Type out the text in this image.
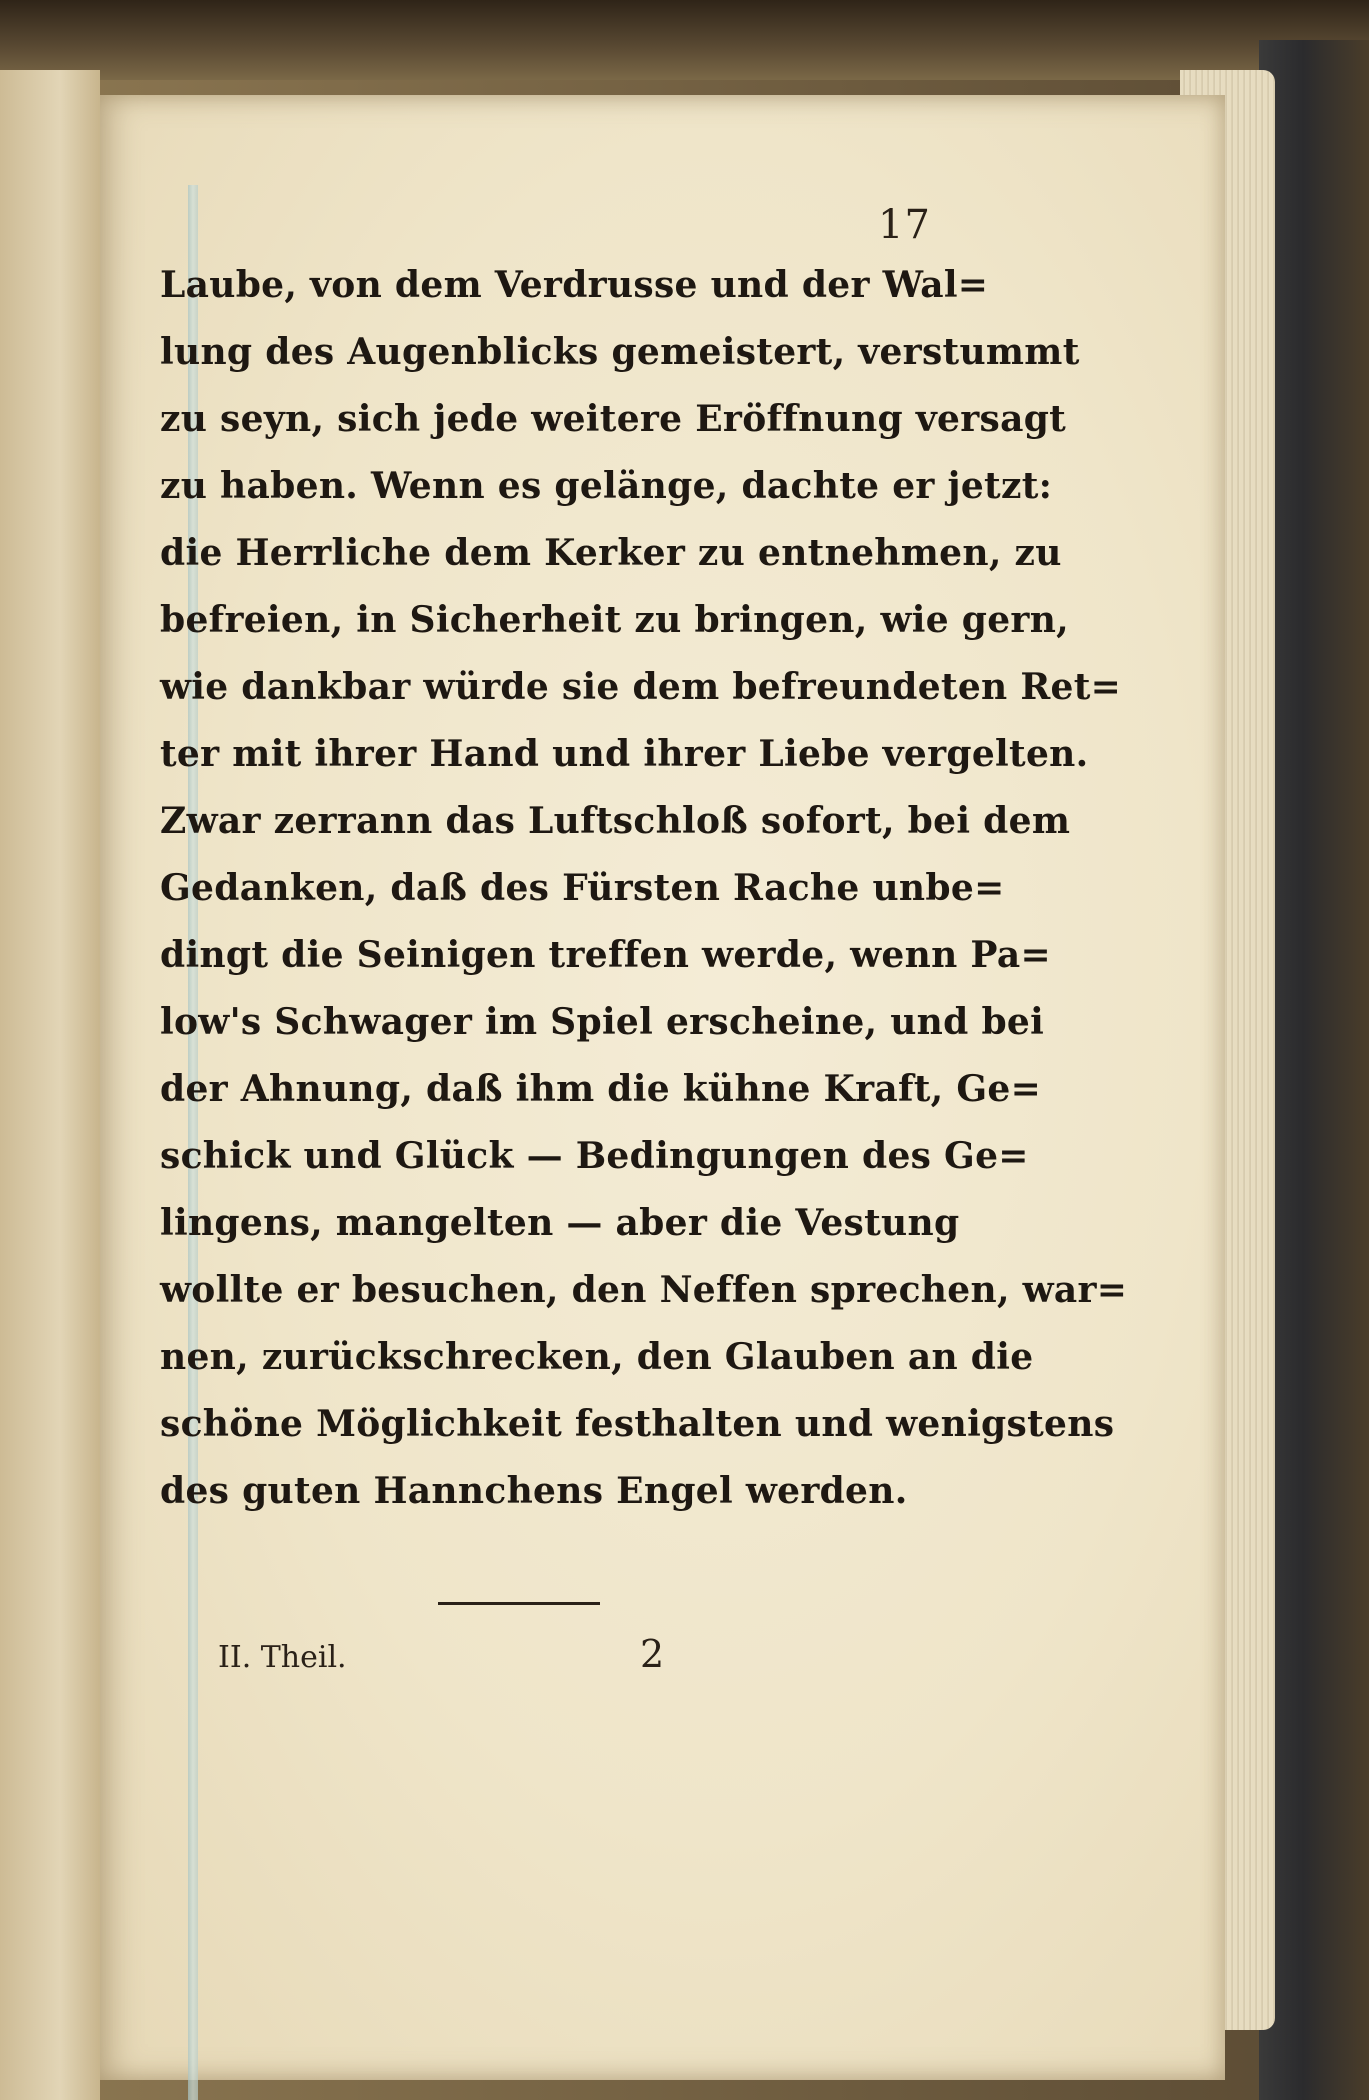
17
Laube, von dem Verdrusse und der Wal=
lung des Augenblicks gemeistert, verstummt
zu seyn, sich jede weitere Eröffnung versagt
zu haben. Wenn es gelänge, dachte er jetzt:
die Herrliche dem Kerker zu entnehmen, zu
befreien, in Sicherheit zu bringen, wie gern,
wie dankbar würde sie dem befreundeten Ret=
ter mit ihrer Hand und ihrer Liebe vergelten.
Zwar zerrann das Luftschloß sofort, bei dem
Gedanken, daß des Fürsten Rache unbe=
dingt die Seinigen treffen werde, wenn Pa=
low's Schwager im Spiel erscheine, und bei
der Ahnung, daß ihm die kühne Kraft, Ge=
schick und Glück — Bedingungen des Ge=
lingens, mangelten — aber die Vestung
wollte er besuchen, den Neffen sprechen, war=
nen, zurückschrecken, den Glauben an die
schöne Möglichkeit festhalten und wenigstens
des guten Hannchens Engel werden.
II. Theil.	2
